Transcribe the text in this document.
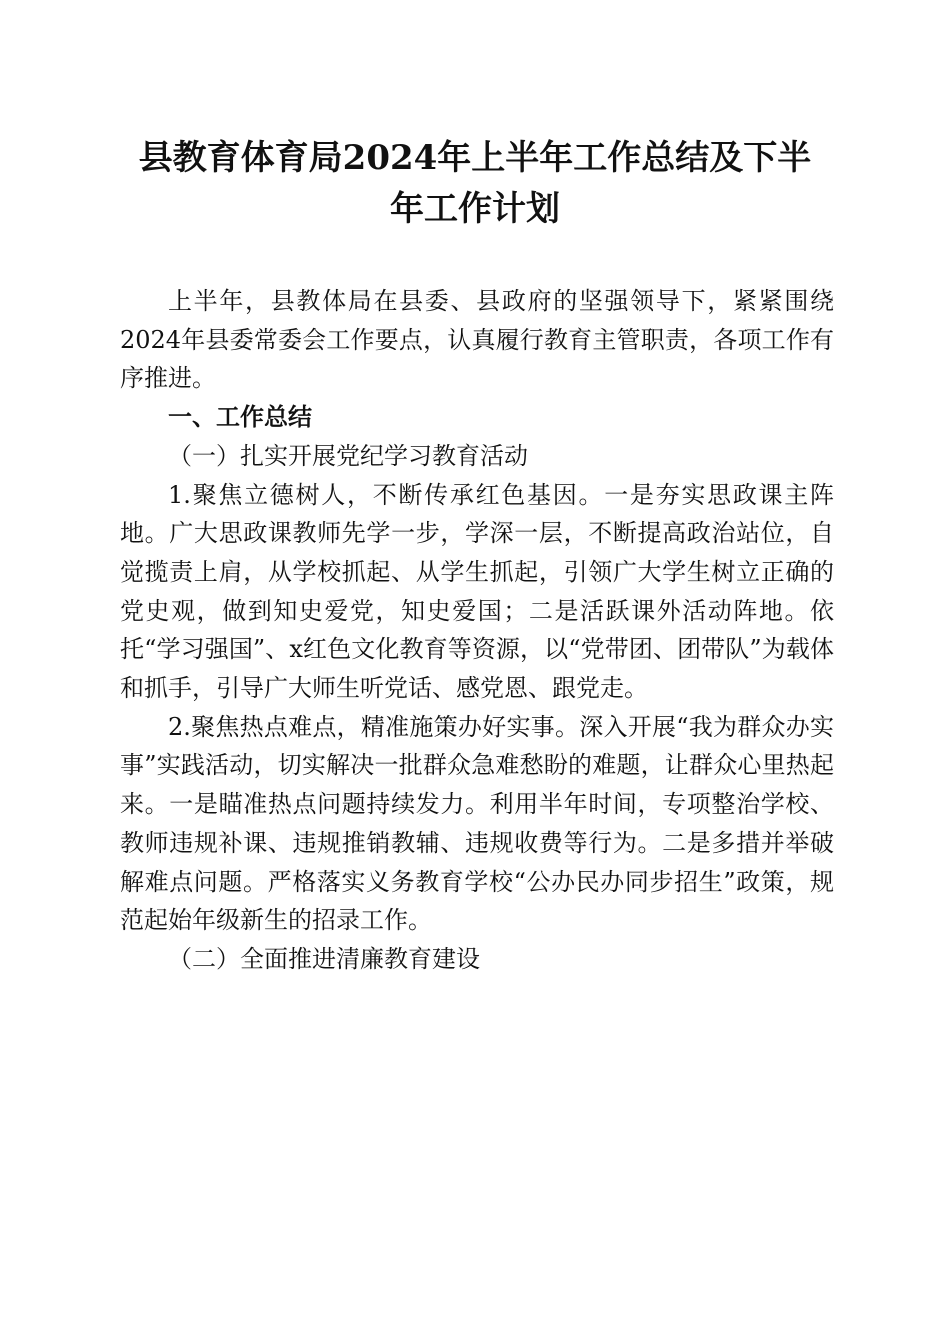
县教育体育局2024年上半年工作总结及下半
年工作计划

上半年，县教体局在县委、县政府的坚强领导下，紧紧围绕2024年县委常委会工作要点，认真履行教育主管职责，各项工作有序推进。

一、工作总结

（一）扎实开展党纪学习教育活动

1.聚焦立德树人，不断传承红色基因。一是夯实思政课主阵地。广大思政课教师先学一步，学深一层，不断提高政治站位，自觉揽责上肩，从学校抓起、从学生抓起，引领广大学生树立正确的党史观，做到知史爱党，知史爱国；二是活跃课外活动阵地。依托“学习强国”、x红色文化教育等资源，以“党带团、团带队”为载体和抓手，引导广大师生听党话、感党恩、跟党走。

2.聚焦热点难点，精准施策办好实事。深入开展“我为群众办实事”实践活动，切实解决一批群众急难愁盼的难题，让群众心里热起来。一是瞄准热点问题持续发力。利用半年时间，专项整治学校、教师违规补课、违规推销教辅、违规收费等行为。二是多措并举破解难点问题。严格落实义务教育学校“公办民办同步招生”政策，规范起始年级新生的招录工作。

（二）全面推进清廉教育建设
